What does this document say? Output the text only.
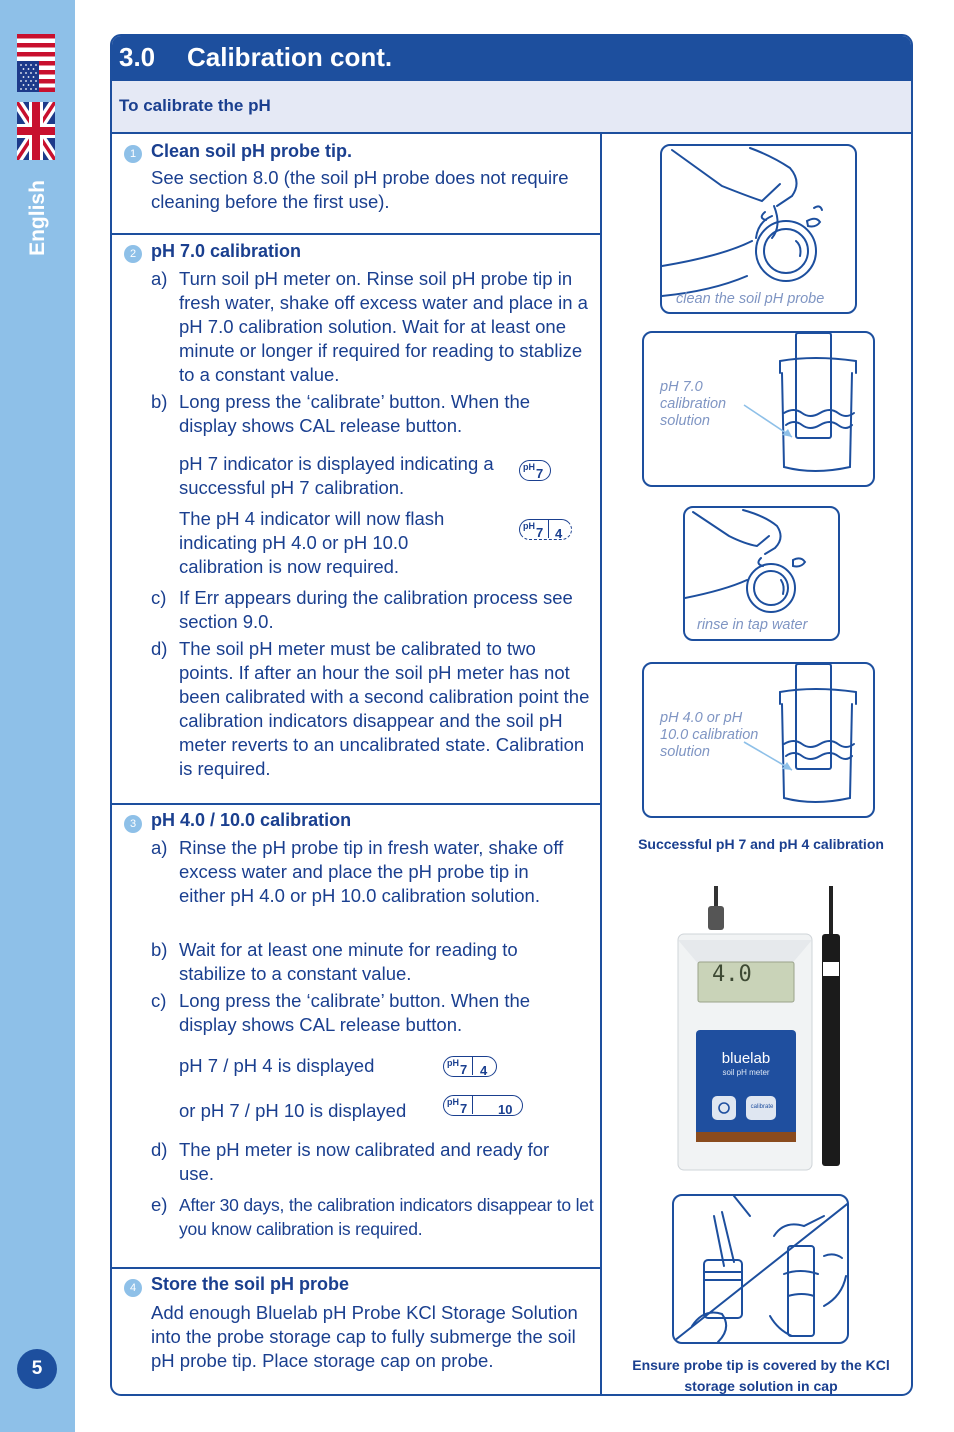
English
5
3.0 Calibration cont.
To calibrate the pH
1 Clean soil pH probe tip.
See section 8.0 (the soil pH probe does not require cleaning before the first use).
2 pH 7.0 calibration
a) Turn soil pH meter on. Rinse soil pH probe tip in fresh water, shake off excess water and place in a pH 7.0 calibration solution. Wait for at least one minute or longer if required for reading to stablize to a constant value.
b) Long press the ‘calibrate’ button. When the display shows CAL release button.
pH 7 indicator is displayed indicating a successful pH 7 calibration.
pH 7
The pH 4 indicator will now flash indicating pH 4.0 or pH 10.0 calibration is now required.
pH 7 4
c) If Err appears during the calibration process see section 9.0.
d) The soil pH meter must be calibrated to two points. If after an hour the soil pH meter has not been calibrated with a second calibration point the calibration indicators disappear and the soil pH meter reverts to an uncalibrated state. Calibration is required.
3 pH 4.0 / 10.0 calibration
a) Rinse the pH probe tip in fresh water, shake off excess water and place the pH probe tip in either pH 4.0 or pH 10.0 calibration solution.
b) Wait for at least one minute for reading to stabilize to a constant value.
c) Long press the ‘calibrate’ button. When the display shows CAL release button.
pH 7 / pH 4 is displayed	pH 7 4
or pH 7 / pH 10 is displayed	pH 7 10
d) The pH meter is now calibrated and ready for use.
e) After 30 days, the calibration indicators disappear to let you know calibration is required.
4 Store the soil pH probe
Add enough Bluelab pH Probe KCl Storage Solution into the probe storage cap to fully submerge the soil pH probe tip. Place storage cap on probe.
clean the soil pH probe
pH 7.0 calibration solution
rinse in tap water
pH 4.0 or pH 10.0 calibration solution
Successful pH 7 and pH 4 calibration
4.0
bluelab
soil pH meter
calibrate
bluelab
Ensure probe tip is covered by the KCl storage solution in cap
